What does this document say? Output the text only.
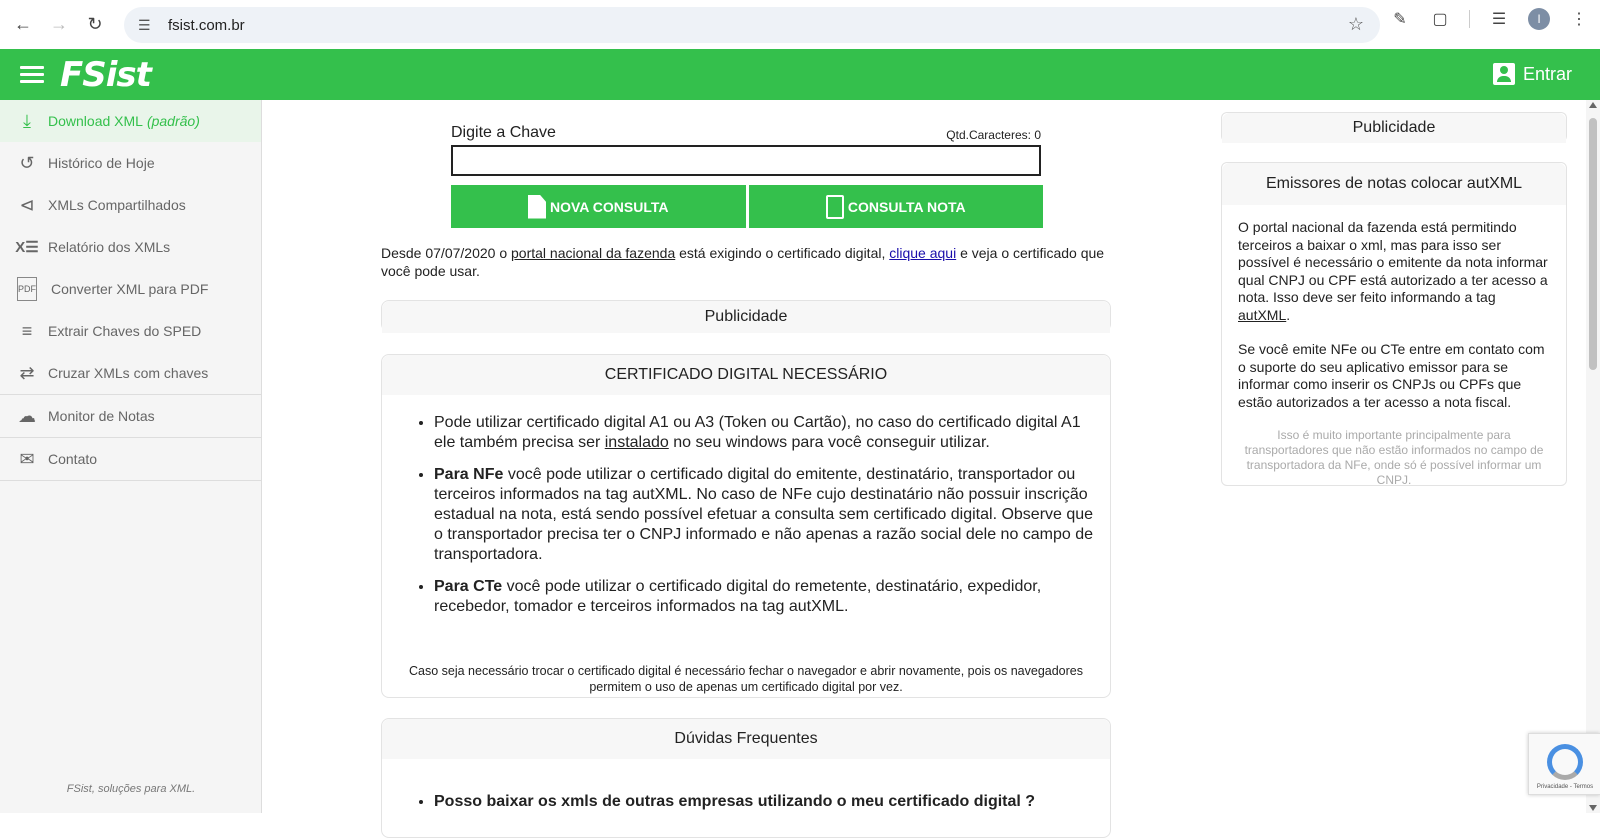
←	→	↻	☰	fsist.com.br	☆ ✎ ▢	☰	I	⋮
FSist	Entrar
⤓	Download XML (padrão)
↺ Histórico de Hoje
⊲ XMLs Compartilhados
X☰ Relatório dos XMLs
PDF Converter XML para PDF
≡	Extrair Chaves do SPED
⇄ Cruzar XMLs com chaves
☁ Monitor de Notas
✉ Contato
FSist, soluções para XML.
Digite a Chave	Qtd.Caracteres: 0
NOVA CONSULTA	CONSULTA NOTA
Desde 07/07/2020 o portal nacional da fazenda está exigindo o certificado digital, clique aqui e veja o certificado que você pode usar.
Publicidade
CERTIFICADO DIGITAL NECESSÁRIO
• Pode utilizar certificado digital A1 ou A3 (Token ou Cartão), no caso do certificado digital A1 ele também precisa ser instalado no seu windows para você conseguir utilizar.
• Para NFe você pode utilizar o certificado digital do emitente, destinatário, transportador ou terceiros informados na tag autXML. No caso de NFe cujo destinatário não possuir inscrição estadual na nota, está sendo possível efetuar a consulta sem certificado digital. Observe que o transportador precisa ter o CNPJ informado e não apenas a razão social dele no campo de transportadora.
• Para CTe você pode utilizar o certificado digital do remetente, destinatário, expedidor, recebedor, tomador e terceiros informados na tag autXML.
Caso seja necessário trocar o certificado digital é necessário fechar o navegador e abrir novamente, pois os navegadores permitem o uso de apenas um certificado digital por vez.
Dúvidas Frequentes
• Posso baixar os xmls de outras empresas utilizando o meu certificado digital ?
Publicidade
Emissores de notas colocar autXML

O portal nacional da fazenda está permitindo terceiros a baixar o xml, mas para isso ser possível é necessário o emitente da nota informar qual CNPJ ou CPF está autorizado a ter acesso a nota. Isso deve ser feito informando a tag autXML.

Se você emite NFe ou CTe entre em contato com o suporte do seu aplicativo emissor para se informar como inserir os CNPJs ou CPFs que estão autorizados a ter acesso a nota fiscal.

Isso é muito importante principalmente para transportadores que não estão informados no campo de transportadora da NFe, onde só é possível informar um CNPJ.

Privacidade - Termos
